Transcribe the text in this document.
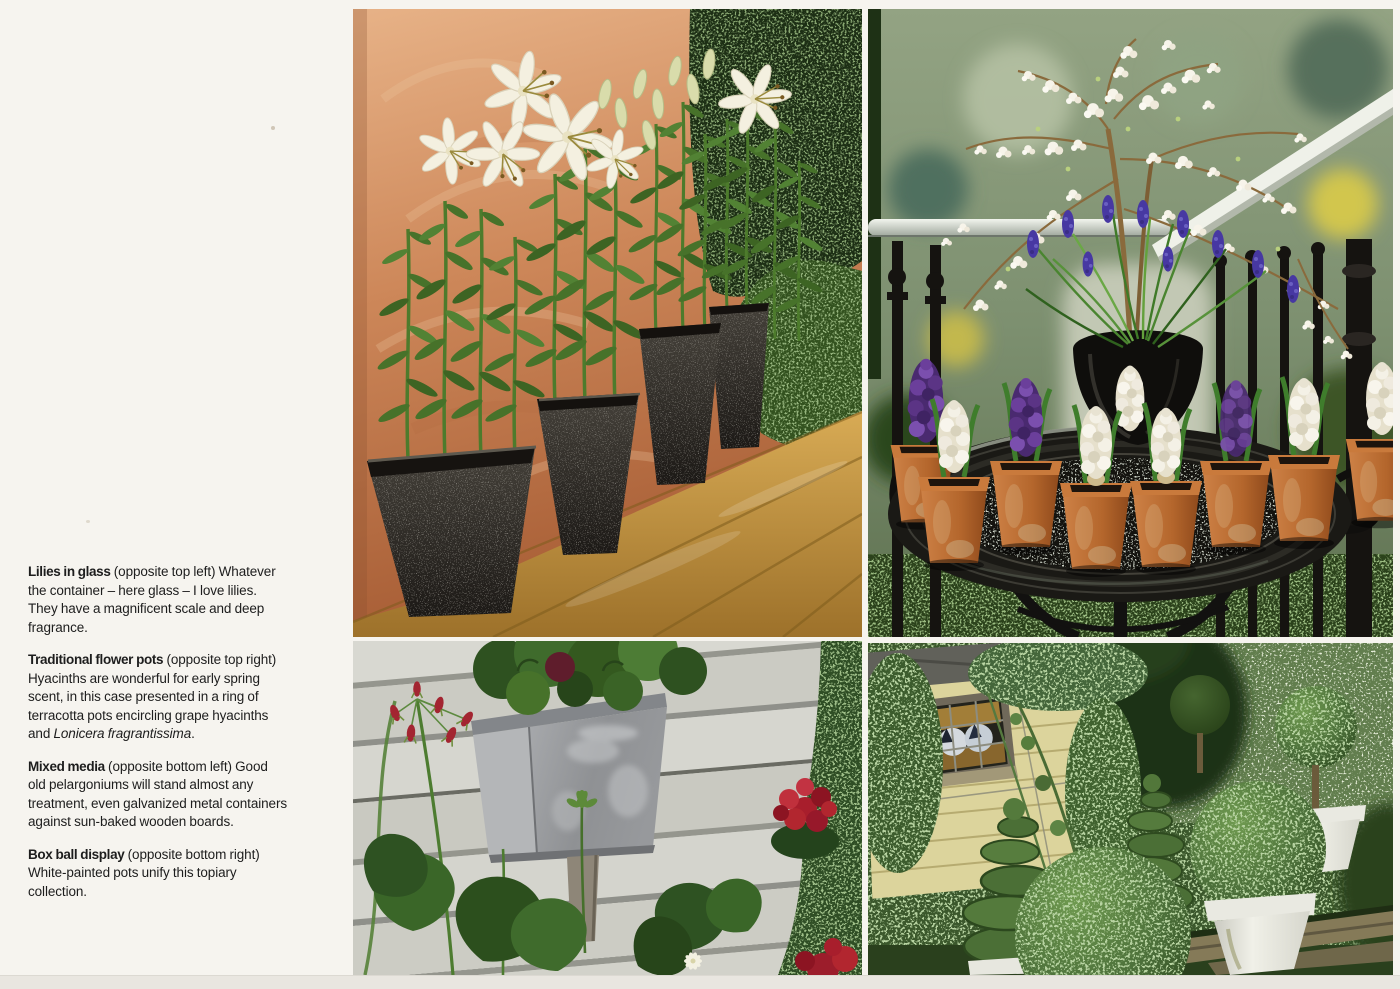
Lilies in glass (opposite top left) Whatever the container – here glass – I love lilies. They have a magnificent scale and deep fragrance.

Traditional flower pots (opposite top right) Hyacinths are wonderful for early spring scent, in this case presented in a ring of terracotta pots encircling grape hyacinths and Lonicera fragrantissima.

Mixed media (opposite bottom left) Good old pelargoniums will stand almost any treatment, even galvanized metal containers against sun-baked wooden boards.

Box ball display (opposite bottom right) White-painted pots unify this topiary collection.
